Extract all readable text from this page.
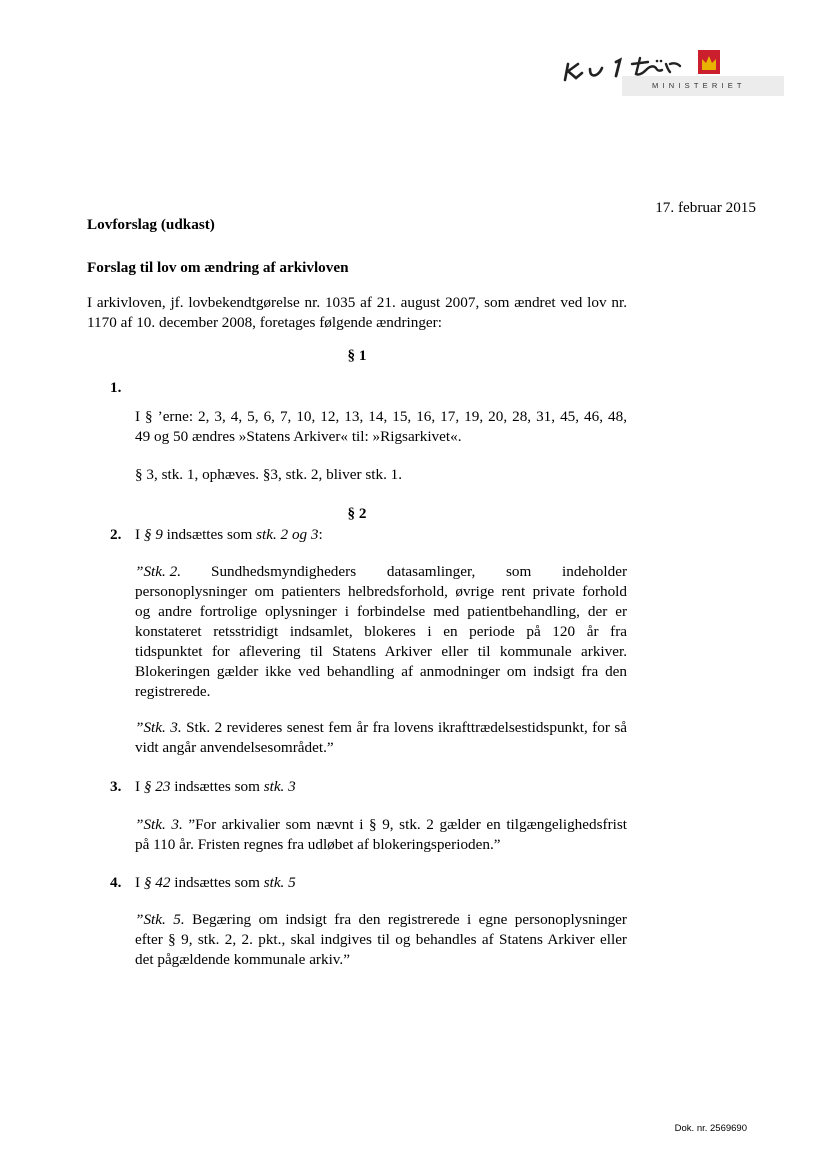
MINISTERIET
17. februar 2015
Lovforslag (udkast)
Forslag til lov om ændring af arkivloven
I arkivloven, jf. lovbekendtgørelse nr. 1035 af 21. august 2007, som ændret ved lov nr.
1170 af 10. december 2008, foretages følgende ændringer:
§ 1
1.
I § ’erne: 2, 3, 4, 5, 6, 7, 10, 12, 13, 14, 15, 16, 17, 19, 20, 28, 31, 45, 46, 48,
49 og 50 ændres »Statens Arkiver« til: »Rigsarkivet«.
§ 3, stk. 1, ophæves. §3, stk. 2, bliver stk. 1.
§ 2
2. I § 9 indsættes som stk. 2 og 3:
”Stk. 2. Sundhedsmyndigheders datasamlinger, som indeholder
personoplysninger om patienters helbredsforhold, øvrige rent private forhold
og andre fortrolige oplysninger i forbindelse med patientbehandling, der er
konstateret retsstridigt indsamlet, blokeres i en periode på 120 år fra
tidspunktet for aflevering til Statens Arkiver eller til kommunale arkiver.
Blokeringen gælder ikke ved behandling af anmodninger om indsigt fra den
registrerede.
”Stk. 3. Stk. 2 revideres senest fem år fra lovens ikrafttrædelsestidspunkt, for så
vidt angår anvendelsesområdet.”
3. I § 23 indsættes som stk. 3
”Stk. 3. ”For arkivalier som nævnt i § 9, stk. 2 gælder en tilgængelighedsfrist
på 110 år. Fristen regnes fra udløbet af blokeringsperioden.”
4. I § 42 indsættes som stk. 5
”Stk. 5. Begæring om indsigt fra den registrerede i egne personoplysninger
efter § 9, stk. 2, 2. pkt., skal indgives til og behandles af Statens Arkiver eller
det pågældende kommunale arkiv.”
Dok. nr. 2569690
